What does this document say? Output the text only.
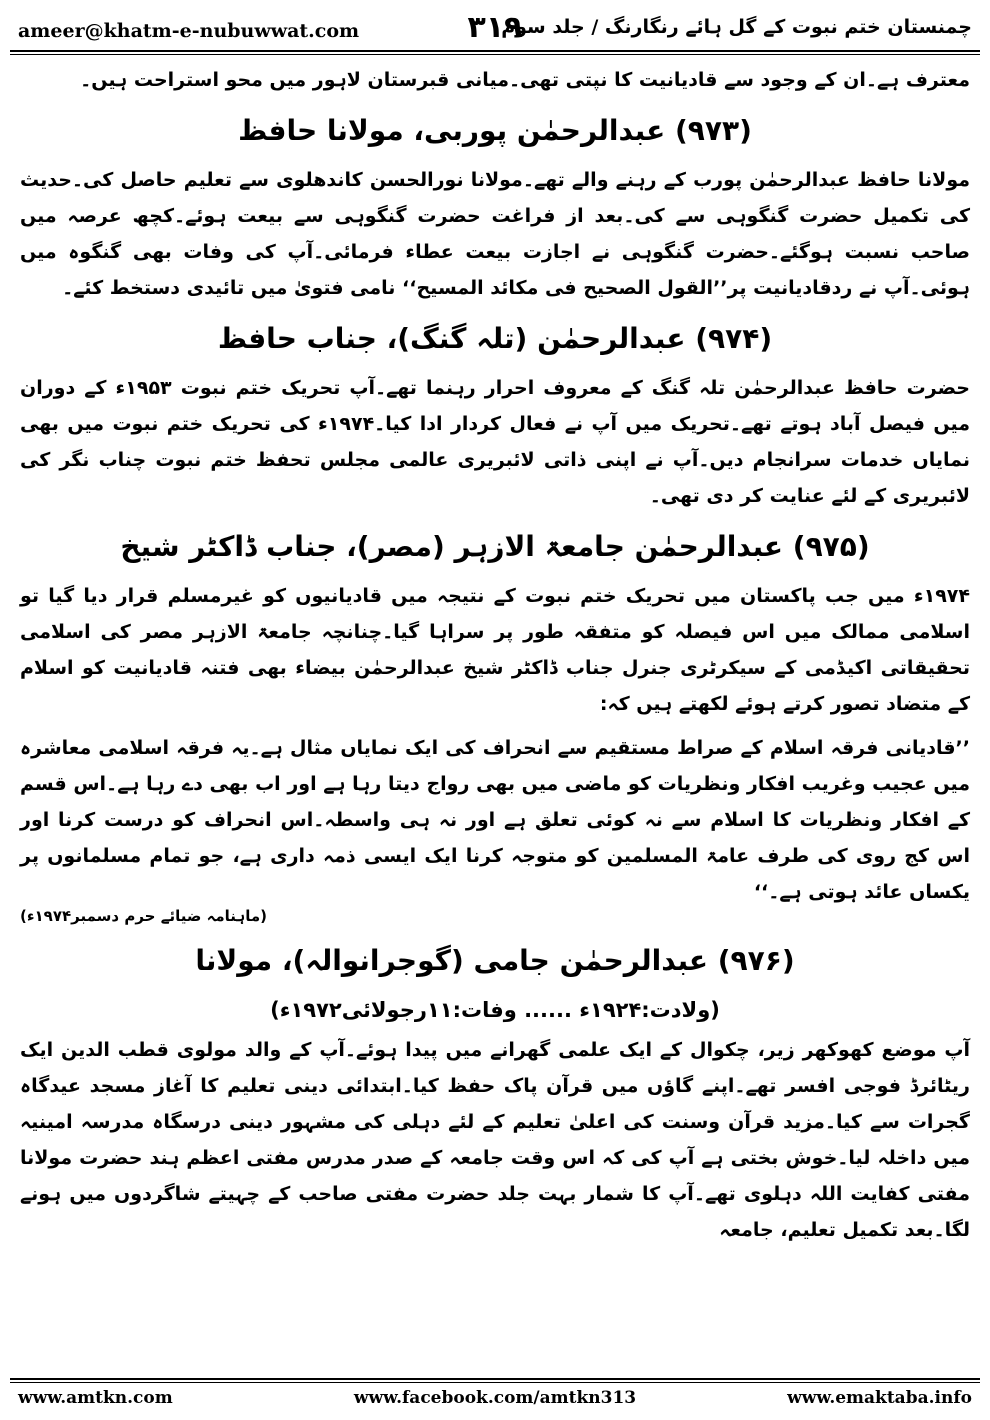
ameer@khatm-e-nubuwwat.com	٣١٩
چمنستان ختم نبوت کے گل ہائے رنگارنگ / جلد سوم

معترف ہے۔ان کے وجود سے قادیانیت کا نپتی تھی۔میانی قبرستان لاہور میں محو استراحت ہیں۔

(۹۷۳) عبدالرحمٰن پوربی، مولانا حافظ

مولانا حافظ عبدالرحمٰن پورب کے رہنے والے تھے۔مولانا نورالحسن کاندھلوی سے تعلیم حاصل کی۔حدیث کی تکمیل حضرت گنگوہی سے کی۔بعد از فراغت حضرت گنگوہی سے بیعت ہوئے۔کچھ عرصہ میں صاحب نسبت ہوگئے۔حضرت گنگوہی نے اجازت بیعت عطاء فرمائی۔آپ کی وفات بھی گنگوہ میں ہوئی۔آپ نے ردقادیانیت پر’’القول الصحیح فی مکائد المسیح‘‘ نامی فتویٰ میں تائیدی دستخط کئے۔

(۹۷۴) عبدالرحمٰن (تلہ گنگ)، جناب حافظ

حضرت حافظ عبدالرحمٰن تلہ گنگ کے معروف احرار رہنما تھے۔آپ تحریک ختم نبوت ۱۹۵۳ء کے دوران میں فیصل آباد ہوتے تھے۔تحریک میں آپ نے فعال کردار ادا کیا۔۱۹۷۴ء کی تحریک ختم نبوت میں بھی نمایاں خدمات سرانجام دیں۔آپ نے اپنی ذاتی لائبریری عالمی مجلس تحفظ ختم نبوت چناب نگر کی لائبریری کے لئے عنایت کر دی تھی۔

(۹۷۵) عبدالرحمٰن جامعۃ الازہر (مصر)، جناب ڈاکٹر شیخ

۱۹۷۴ء میں جب پاکستان میں تحریک ختم نبوت کے نتیجہ میں قادیانیوں کو غیرمسلم قرار دیا گیا تو اسلامی ممالک میں اس فیصلہ کو متفقہ طور پر سراہا گیا۔چنانچہ جامعۃ الازہر مصر کی اسلامی تحقیقاتی اکیڈمی کے سیکرٹری جنرل جناب ڈاکٹر شیخ عبدالرحمٰن بیضاء بھی فتنہ قادیانیت کو اسلام کے متضاد تصور کرتے ہوئے لکھتے ہیں کہ:

’’قادیانی فرقہ اسلام کے صراط مستقیم سے انحراف کی ایک نمایاں مثال ہے۔یہ فرقہ اسلامی معاشرہ میں عجیب وغریب افکار ونظریات کو ماضی میں بھی رواج دیتا رہا ہے اور اب بھی دے رہا ہے۔اس قسم کے افکار ونظریات کا اسلام سے نہ کوئی تعلق ہے اور نہ ہی واسطہ۔اس انحراف کو درست کرنا اور اس کج روی کی طرف عامۃ المسلمین کو متوجہ کرنا ایک ایسی ذمہ داری ہے، جو تمام مسلمانوں پر یکساں عائد ہوتی ہے۔‘‘

(ماہنامہ ضیائے حرم دسمبر۱۹۷۴ء)
(۹۷۶) عبدالرحمٰن جامی (گوجرانوالہ)، مولانا
(ولادت:۱۹۲۴ء ...... وفات:۱۱رجولائی۱۹۷۲ء)

آپ موضع کھوکھر زیر، چکوال کے ایک علمی گھرانے میں پیدا ہوئے۔آپ کے والد مولوی قطب الدین ایک ریٹائرڈ فوجی افسر تھے۔اپنے گاؤں میں قرآن پاک حفظ کیا۔ابتدائی دینی تعلیم کا آغاز مسجد عیدگاہ گجرات سے کیا۔مزید قرآن وسنت کی اعلیٰ تعلیم کے لئے دہلی کی مشہور دینی درسگاہ مدرسہ امینیہ میں داخلہ لیا۔خوش بختی ہے آپ کی کہ اس وقت جامعہ کے صدر مدرس مفتی اعظم ہند حضرت مولانا مفتی کفایت اللہ دہلوی تھے۔آپ کا شمار بہت جلد حضرت مفتی صاحب کے چہیتے شاگردوں میں ہونے لگا۔بعد تکمیل تعلیم، جامعہ

www.amtkn.com	www.facebook.com/amtkn313	www.emaktaba.info
